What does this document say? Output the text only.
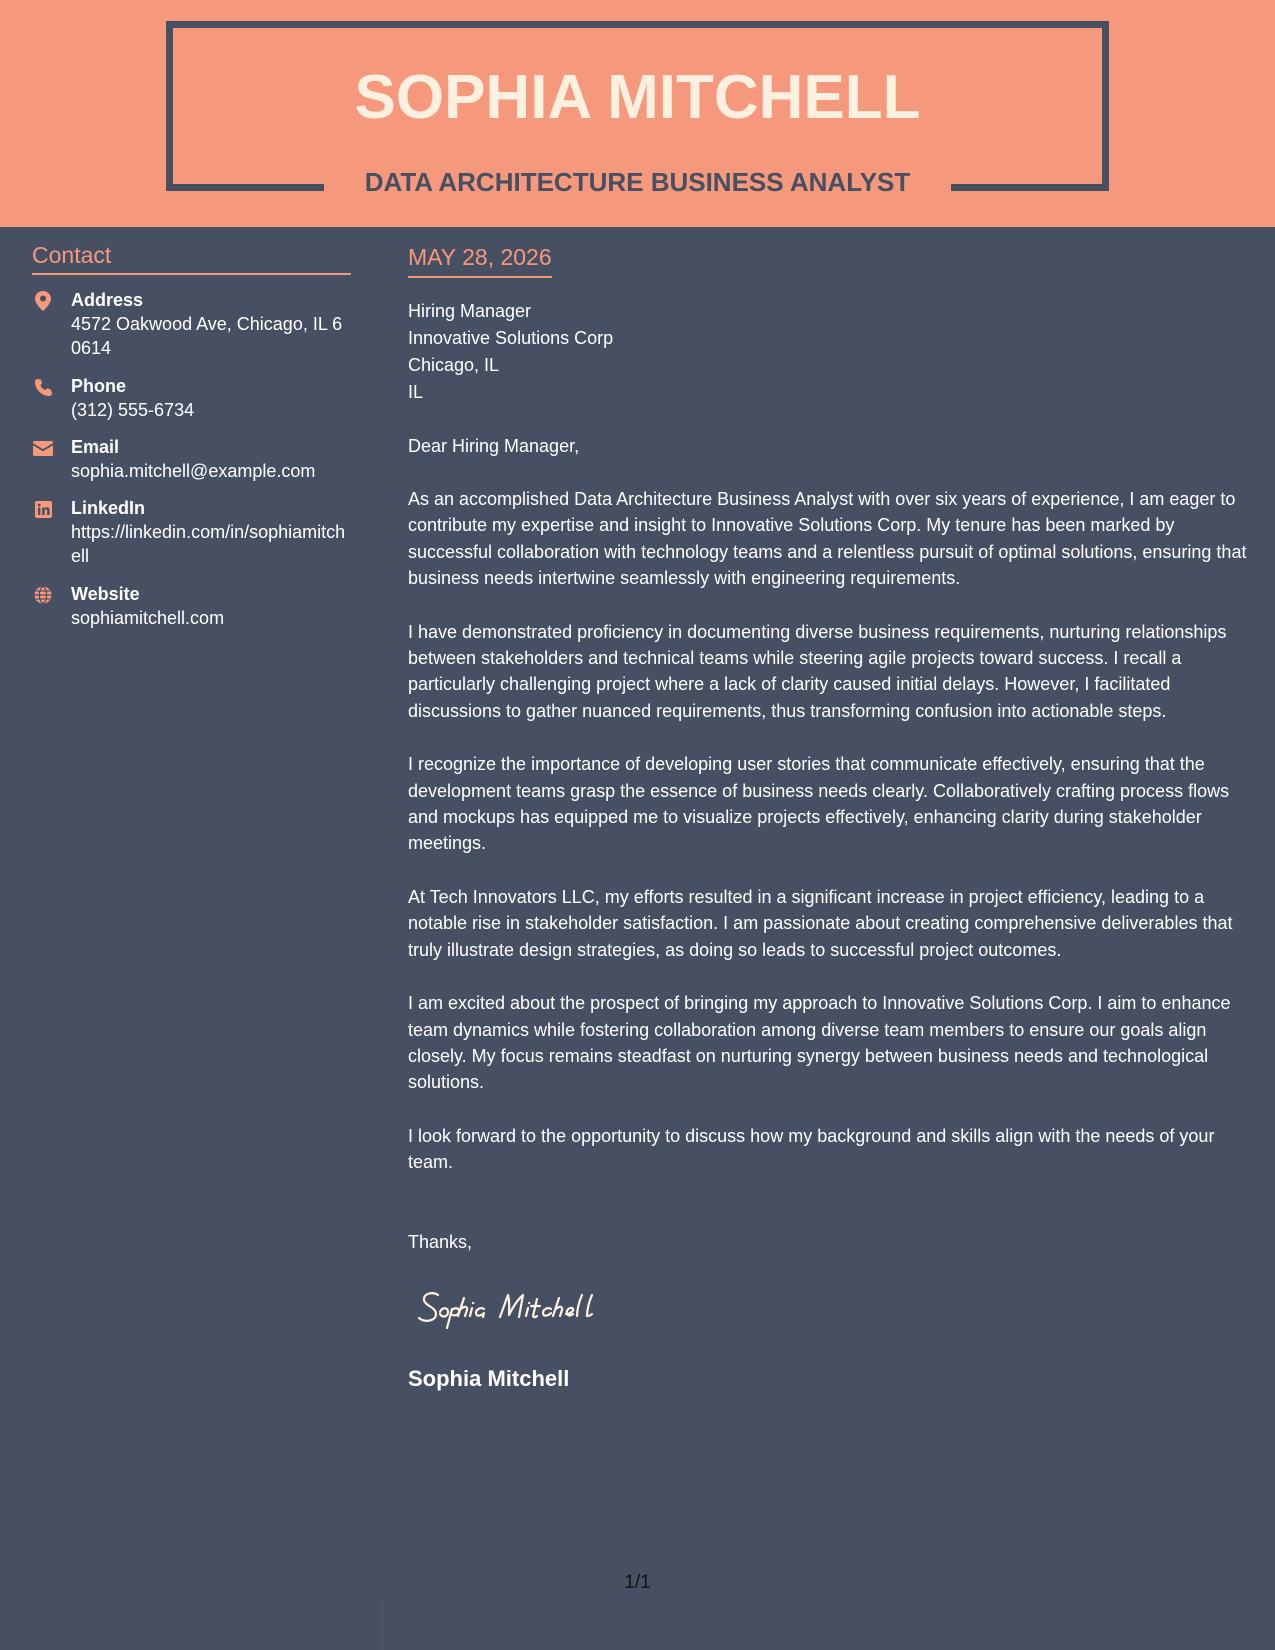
SOPHIA MITCHELL
DATA ARCHITECTURE BUSINESS ANALYST
Contact
Address
4572 Oakwood Ave, Chicago, IL 60614
Phone
(312) 555-6734
Email
sophia.mitchell@example.com
LinkedIn
https://linkedin.com/in/sophiamitchell
Website
sophiamitchell.com
MAY 28, 2026
Hiring Manager
Innovative Solutions Corp
Chicago, IL
IL
Dear Hiring Manager,

As an accomplished Data Architecture Business Analyst with over six years of experience, I am eager to contribute my expertise and insight to Innovative Solutions Corp. My tenure has been marked by successful collaboration with technology teams and a relentless pursuit of optimal solutions, ensuring that business needs intertwine seamlessly with engineering requirements.

I have demonstrated proficiency in documenting diverse business requirements, nurturing relationships between stakeholders and technical teams while steering agile projects toward success. I recall a particularly challenging project where a lack of clarity caused initial delays. However, I facilitated discussions to gather nuanced requirements, thus transforming confusion into actionable steps.

I recognize the importance of developing user stories that communicate effectively, ensuring that the development teams grasp the essence of business needs clearly. Collaboratively crafting process flows and mockups has equipped me to visualize projects effectively, enhancing clarity during stakeholder meetings.

At Tech Innovators LLC, my efforts resulted in a significant increase in project efficiency, leading to a notable rise in stakeholder satisfaction. I am passionate about creating comprehensive deliverables that truly illustrate design strategies, as doing so leads to successful project outcomes.

I am excited about the prospect of bringing my approach to Innovative Solutions Corp. I aim to enhance team dynamics while fostering collaboration among diverse team members to ensure our goals align closely. My focus remains steadfast on nurturing synergy between business needs and technological solutions.

I look forward to the opportunity to discuss how my background and skills align with the needs of your team.

Thanks,
Sophia Mitchell
1/1
